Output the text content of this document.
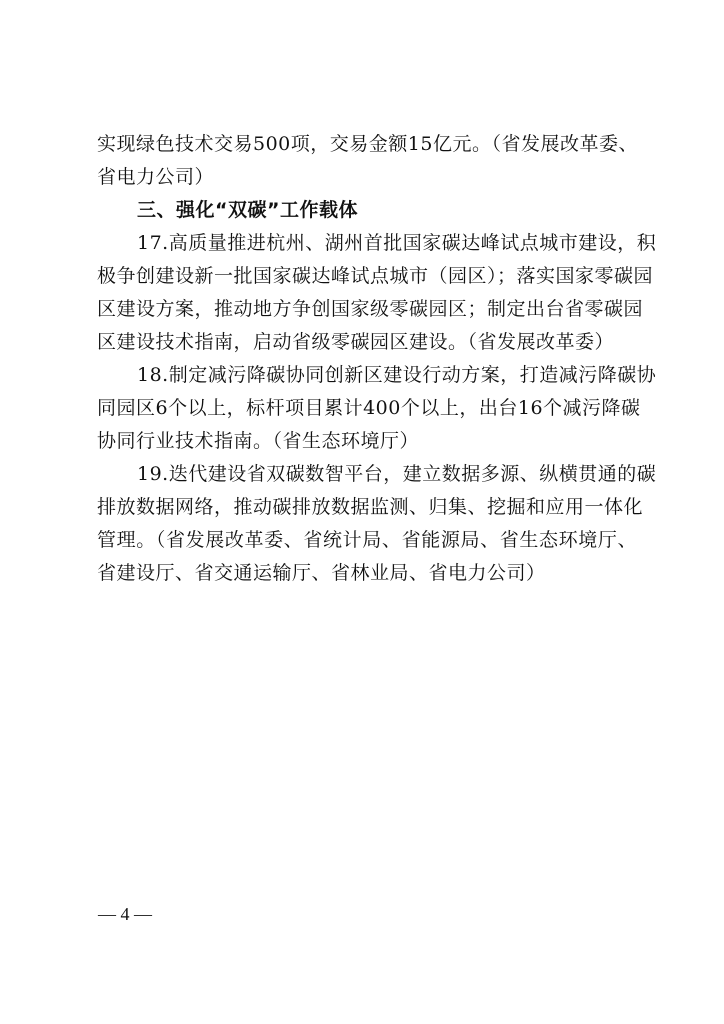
实现绿色技术交易500项，交易金额15亿元。（省发展改革委、
省电力公司）
三、强化“双碳”工作载体
17.高质量推进杭州、湖州首批国家碳达峰试点城市建设，积
极争创建设新一批国家碳达峰试点城市（园区）；落实国家零碳园
区建设方案，推动地方争创国家级零碳园区；制定出台省零碳园
区建设技术指南，启动省级零碳园区建设。（省发展改革委）
18.制定减污降碳协同创新区建设行动方案，打造减污降碳协
同园区6个以上，标杆项目累计400个以上，出台16个减污降碳
协同行业技术指南。（省生态环境厅）
19.迭代建设省双碳数智平台，建立数据多源、纵横贯通的碳
排放数据网络，推动碳排放数据监测、归集、挖掘和应用一体化
管理。（省发展改革委、省统计局、省能源局、省生态环境厅、
省建设厅、省交通运输厅、省林业局、省电力公司）
— 4 —
